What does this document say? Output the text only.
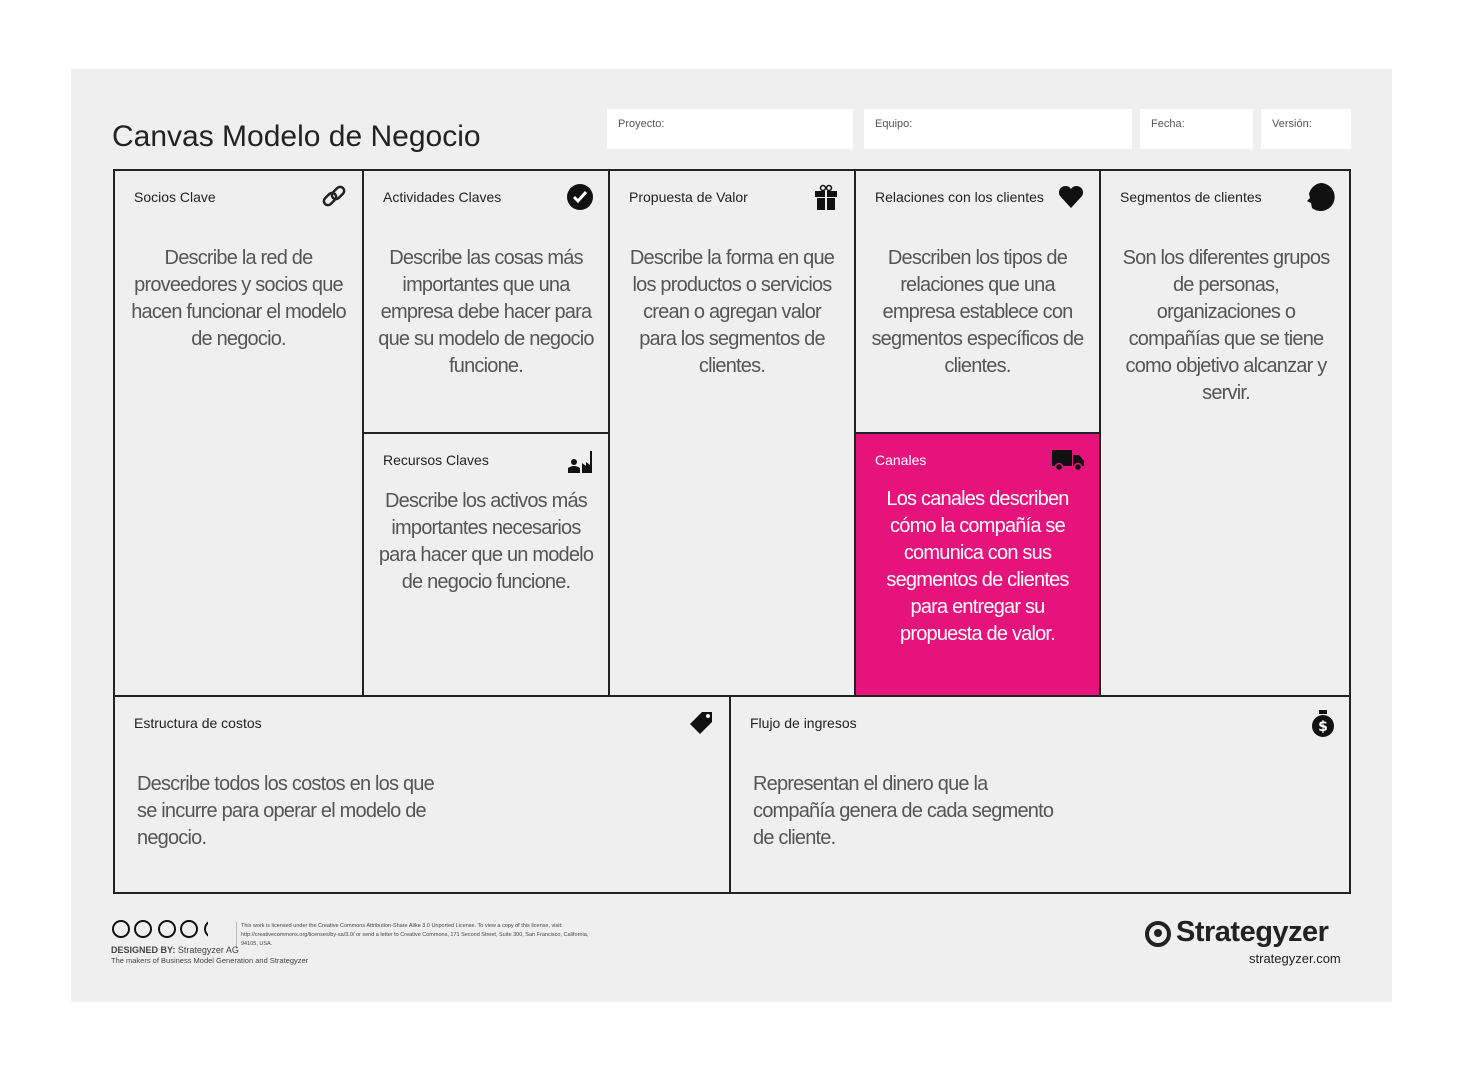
Canvas Modelo de Negocio	Proyecto:	Equipo:	Fecha:	Versión:
Socios Clave
Describe la red de proveedores y socios que hacen funcionar el modelo de negocio.
Actividades Claves
Describe las cosas más importantes que una empresa debe hacer para que su modelo de negocio funcione.
Recursos Claves
Describe los activos más importantes necesarios para hacer que un modelo de negocio funcione.
Propuesta de Valor
Describe la forma en que los productos o servicios crean o agregan valor para los segmentos de clientes.
Relaciones con los clientes
Describen los tipos de relaciones que una empresa establece con segmentos específicos de clientes.
Canales
Los canales describen cómo la compañía se comunica con sus segmentos de clientes para entregar su propuesta de valor.
Segmentos de clientes
Son los diferentes grupos de personas, organizaciones o compañías que se tiene como objetivo alcanzar y servir.
Estructura de costos
Describe todos los costos en los que se incurre para operar el modelo de negocio.
Flujo de ingresos	$
Representan el dinero que la compañía genera de cada segmento de cliente.
This work is licensed under the Creative Commons Attribution-Share Alike 3.0 Unported License. To view a copy of this license, visit: http://creativecommons.org/licenses/by-sa/3.0/ or send a letter to Creative Commons, 171 Second Street, Suite 300, San Francisco, California, 94105, USA.
DESIGNED BY: Strategyzer AG
The makers of Business Model Generation and Strategyzer
Strategyzer
strategyzer.com
